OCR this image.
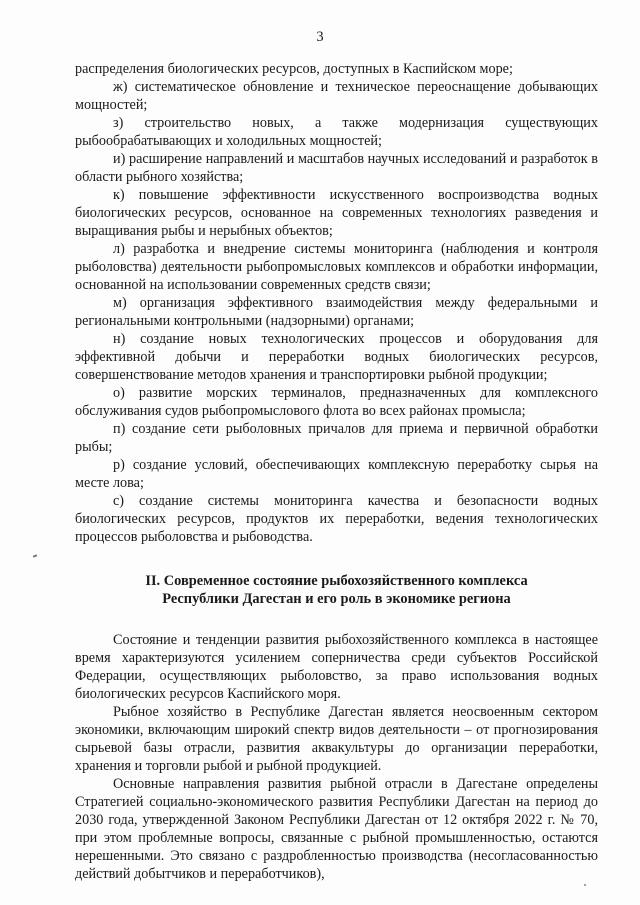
3

распределения биологических ресурсов, доступных в Каспийском море;

ж) систематическое обновление и техническое переоснащение добывающих мощностей;

з) строительство новых, а также модернизация существующих рыбообрабатывающих и холодильных мощностей;

и) расширение направлений и масштабов научных исследований и разработок в области рыбного хозяйства;

к) повышение эффективности искусственного воспроизводства водных биологических ресурсов, основанное на современных технологиях разведения и выращивания рыбы и нерыбных объектов;

л) разработка и внедрение системы мониторинга (наблюдения и контроля рыболовства) деятельности рыбопромысловых комплексов и обработки информации, основанной на использовании современных средств связи;

м) организация эффективного взаимодействия между федеральными и региональными контрольными (надзорными) органами;

н) создание новых технологических процессов и оборудования для эффективной добычи и переработки водных биологических ресурсов, совершенствование методов хранения и транспортировки рыбной продукции;

о) развитие морских терминалов, предназначенных для комплексного обслуживания судов рыбопромыслового флота во всех районах промысла;

п) создание сети рыболовных причалов для приема и первичной обработки рыбы;

р) создание условий, обеспечивающих комплексную переработку сырья на месте лова;

с) создание системы мониторинга качества и безопасности водных биологических ресурсов, продуктов их переработки, ведения технологических процессов рыболовства и рыбоводства.

II. Современное состояние рыбохозяйственного комплекса
Республики Дагестан и его роль в экономике региона

Состояние и тенденции развития рыбохозяйственного комплекса в настоящее время характеризуются усилением соперничества среди субъектов Российской Федерации, осуществляющих рыболовство, за право использования водных биологических ресурсов Каспийского моря.

Рыбное хозяйство в Республике Дагестан является неосвоенным сектором экономики, включающим широкий спектр видов деятельности – от прогнозирования сырьевой базы отрасли, развития аквакультуры до организации переработки, хранения и торговли рыбой и рыбной продукцией.

Основные направления развития рыбной отрасли в Дагестане определены Стратегией социально-экономического развития Республики Дагестан на период до 2030 года, утвержденной Законом Республики Дагестан от 12 октября 2022 г. № 70, при этом проблемные вопросы, связанные с рыбной промышленностью, остаются нерешенными. Это связано с раздробленностью производства (несогласованностью действий добытчиков и переработчиков),
